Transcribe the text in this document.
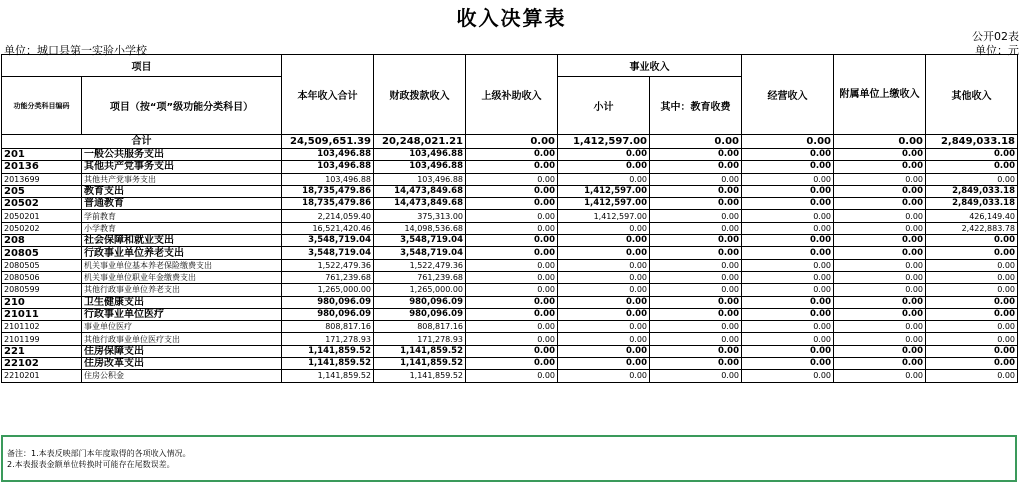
收入决算表
公开02表
单位：城口县第一实验小学校	单位：元
项目		本年收入合计	财政拨款收入	上级补助收入	事业收入		经营收入	附属单位上缴收入	其他收入
功能分类科目编码	项目（按“项”级功能分类科目）				小计	其中：教育收费			

合计		24,509,651.39	20,248,021.21	0.00	1,412,597.00	0.00	0.00	0.00	2,849,033.18
201	一般公共服务支出	103,496.88	103,496.88	0.00	0.00	0.00	0.00	0.00	0.00
20136	其他共产党事务支出	103,496.88	103,496.88	0.00	0.00	0.00	0.00	0.00	0.00
2013699	其他共产党事务支出	103,496.88	103,496.88	0.00	0.00	0.00	0.00	0.00	0.00
205	教育支出	18,735,479.86	14,473,849.68	0.00	1,412,597.00	0.00	0.00	0.00	2,849,033.18
20502	普通教育	18,735,479.86	14,473,849.68	0.00	1,412,597.00	0.00	0.00	0.00	2,849,033.18
2050201	学前教育	2,214,059.40	375,313.00	0.00	1,412,597.00	0.00	0.00	0.00	426,149.40
2050202	小学教育	16,521,420.46	14,098,536.68	0.00	0.00	0.00	0.00	0.00	2,422,883.78
208	社会保障和就业支出	3,548,719.04	3,548,719.04	0.00	0.00	0.00	0.00	0.00	0.00
20805	行政事业单位养老支出	3,548,719.04	3,548,719.04	0.00	0.00	0.00	0.00	0.00	0.00
2080505	机关事业单位基本养老保险缴费支出	1,522,479.36	1,522,479.36	0.00	0.00	0.00	0.00	0.00	0.00
2080506	机关事业单位职业年金缴费支出	761,239.68	761,239.68	0.00	0.00	0.00	0.00	0.00	0.00
2080599	其他行政事业单位养老支出	1,265,000.00	1,265,000.00	0.00	0.00	0.00	0.00	0.00	0.00
210	卫生健康支出	980,096.09	980,096.09	0.00	0.00	0.00	0.00	0.00	0.00
21011	行政事业单位医疗	980,096.09	980,096.09	0.00	0.00	0.00	0.00	0.00	0.00
2101102	事业单位医疗	808,817.16	808,817.16	0.00	0.00	0.00	0.00	0.00	0.00
2101199	其他行政事业单位医疗支出	171,278.93	171,278.93	0.00	0.00	0.00	0.00	0.00	0.00
221	住房保障支出	1,141,859.52	1,141,859.52	0.00	0.00	0.00	0.00	0.00	0.00
22102	住房改革支出	1,141,859.52	1,141,859.52	0.00	0.00	0.00	0.00	0.00	0.00
2210201	住房公积金	1,141,859.52	1,141,859.52	0.00	0.00	0.00	0.00	0.00	0.00
备注：1.本表反映部门本年度取得的各项收入情况。
2.本表报表金额单位转换时可能存在尾数误差。
